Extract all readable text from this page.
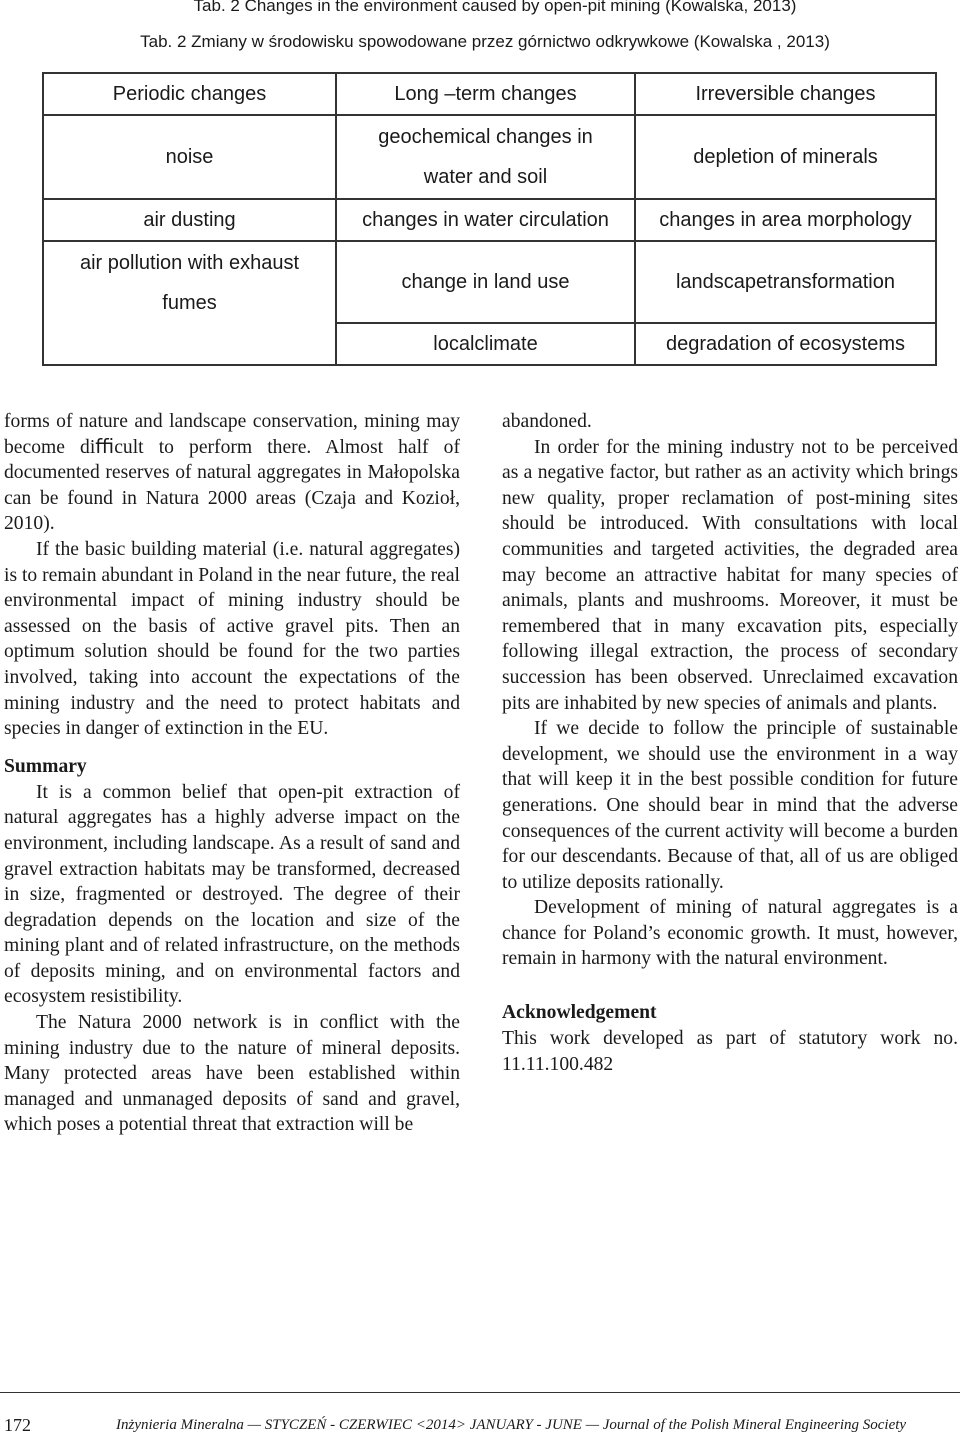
Tab. 2 Changes in the environment caused by open-pit mining (Kowalska, 2013)
Tab. 2 Zmiany w środowisku spowodowane przez górnictwo odkrywkowe (Kowalska , 2013)
Periodic changes	Long –term changes	Irreversible changes
noise	geochemical changes in water and soil	depletion of minerals
air dusting	changes in water circulation	changes in area morphology
air pollution with exhaust fumes	change in land use	landscapetransformation
	localclimate	degradation of ecosystems

forms of nature and landscape conservation, mining may become diﬃcult to perform there. Almost half of documented reserves of natural aggregates in Małopolska can be found in Natura 2000 areas (Czaja and Kozioł, 2010).

If the basic building material (i.e. natural aggregates) is to remain abundant in Poland in the near future, the real environmental impact of mining industry should be assessed on the basis of active gravel pits. Then an optimum solution should be found for the two parties involved, taking into account the expectations of the mining industry and the need to protect habitats and species in danger of extinction in the EU.

Summary

It is a common belief that open-pit extraction of natural aggregates has a highly adverse impact on the environment, including landscape. As a result of sand and gravel extraction habitats may be transformed, decreased in size, fragmented or destroyed. The degree of their degradation depends on the location and size of the mining plant and of related infrastructure, on the methods of deposits mining, and on environmental factors and ecosystem resistibility.

The Natura 2000 network is in conﬂict with the mining industry due to the nature of mineral deposits. Many protected areas have been established within managed and unmanaged deposits of sand and gravel, which poses a potential threat that extraction will be

abandoned.

In order for the mining industry not to be perceived as a negative factor, but rather as an activity which brings new quality, proper reclamation of post-mining sites should be introduced. With consultations with local communities and targeted activities, the degraded area may become an attractive habitat for many species of animals, plants and mushrooms. Moreover, it must be remembered that in many excavation pits, especially following illegal extraction, the process of secondary succession has been observed. Unreclaimed excavation pits are inhabited by new species of animals and plants.

If we decide to follow the principle of sustainable development, we should use the environment in a way that will keep it in the best possible condition for future generations. One should bear in mind that the adverse consequences of the current activity will become a burden for our descendants. Because of that, all of us are obliged to utilize deposits rationally.

Development of mining of natural aggregates is a chance for Poland’s economic growth. It must, however, remain in harmony with the natural environment.

Acknowledgement

This work developed as part of statutory work no. 11.11.100.482

172	Inżynieria Mineralna — STYCZEŃ - CZERWIEC <2014> JANUARY - JUNE — Journal of the Polish Mineral Engineering Society
